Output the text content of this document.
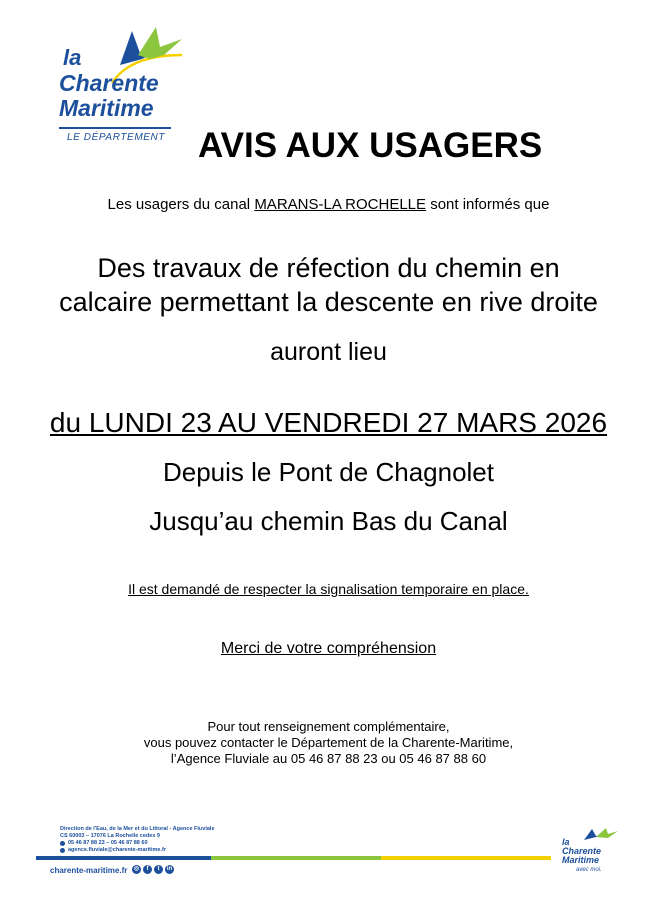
la
Charente
Maritime
LE DÉPARTEMENT AVIS AUX USAGERS
Les usagers du canal MARANS-LA ROCHELLE sont informés que
Des travaux de réfection du chemin en
calcaire permettant la descente en rive droite
auront lieu
du LUNDI 23 AU VENDREDI 27 MARS 2026
Depuis le Pont de Chagnolet
Jusqu’au chemin Bas du Canal
Il est demandé de respecter la signalisation temporaire en place.
Merci de votre compréhension
Pour tout renseignement complémentaire,
vous pouvez contacter le Département de la Charente-Maritime,
l’Agence Fluviale au 05 46 87 88 23 ou 05 46 87 88 60
Direction de l'Eau, de la Mer et du Littoral - Agence Fluviale
CS 60003 – 17076 La Rochelle cedex 9
05 46 87 88 23 – 05 46 87 88 60
agence.fluviale@charente-maritime.fr
charente-maritime.fr	◎	f	t	in
la
Charente
Maritime
avec moi.
